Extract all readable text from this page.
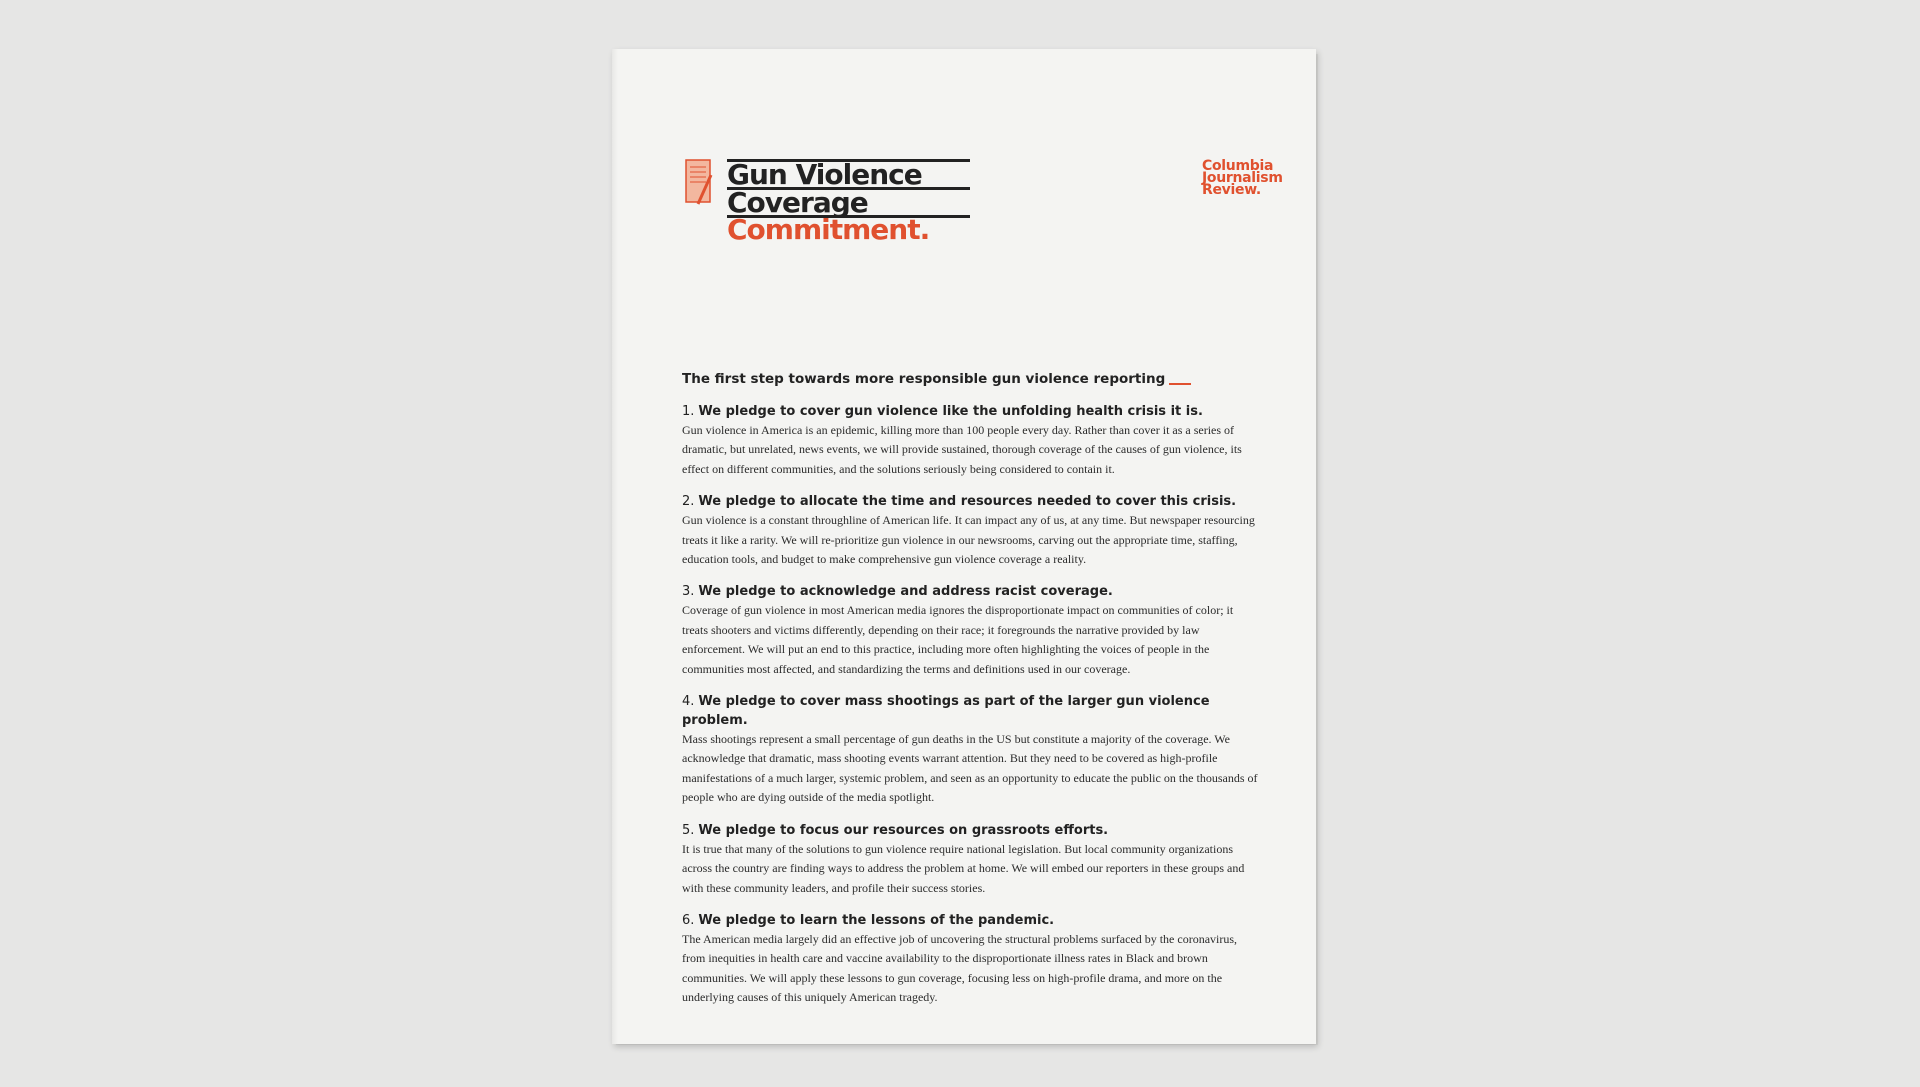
Gun Violence
Coverage
Commitment.
Columbia
Journalism
Review.
The first step towards more responsible gun violence reporting
1. We pledge to cover gun violence like the unfolding health crisis it is.

Gun violence in America is an epidemic, killing more than 100 people every day. Rather than cover it as a series of dramatic, but unrelated, news events, we will provide sustained, thorough coverage of the causes of gun violence, its effect on different communities, and the solutions seriously being considered to contain it.

2. We pledge to allocate the time and resources needed to cover this crisis.

Gun violence is a constant throughline of American life. It can impact any of us, at any time. But newspaper resourcing treats it like a rarity. We will re-prioritize gun violence in our newsrooms, carving out the appropriate time, staffing, education tools, and budget to make comprehensive gun violence coverage a reality.

3. We pledge to acknowledge and address racist coverage.

Coverage of gun violence in most American media ignores the disproportionate impact on communities of color; it treats shooters and victims differently, depending on their race; it foregrounds the narrative provided by law enforcement. We will put an end to this practice, including more often highlighting the voices of people in the communities most affected, and standardizing the terms and definitions used in our coverage.

4. We pledge to cover mass shootings as part of the larger gun violence problem.

Mass shootings represent a small percentage of gun deaths in the US but constitute a majority of the coverage. We acknowledge that dramatic, mass shooting events warrant attention. But they need to be covered as high-profile manifestations of a much larger, systemic problem, and seen as an opportunity to educate the public on the thousands of people who are dying outside of the media spotlight.

5. We pledge to focus our resources on grassroots efforts.

It is true that many of the solutions to gun violence require national legislation. But local community organizations across the country are finding ways to address the problem at home. We will embed our reporters in these groups and with these community leaders, and profile their success stories.

6. We pledge to learn the lessons of the pandemic.

The American media largely did an effective job of uncovering the structural problems surfaced by the coronavirus, from inequities in health care and vaccine availability to the disproportionate illness rates in Black and brown communities. We will apply these lessons to gun coverage, focusing less on high-profile drama, and more on the underlying causes of this uniquely American tragedy.
